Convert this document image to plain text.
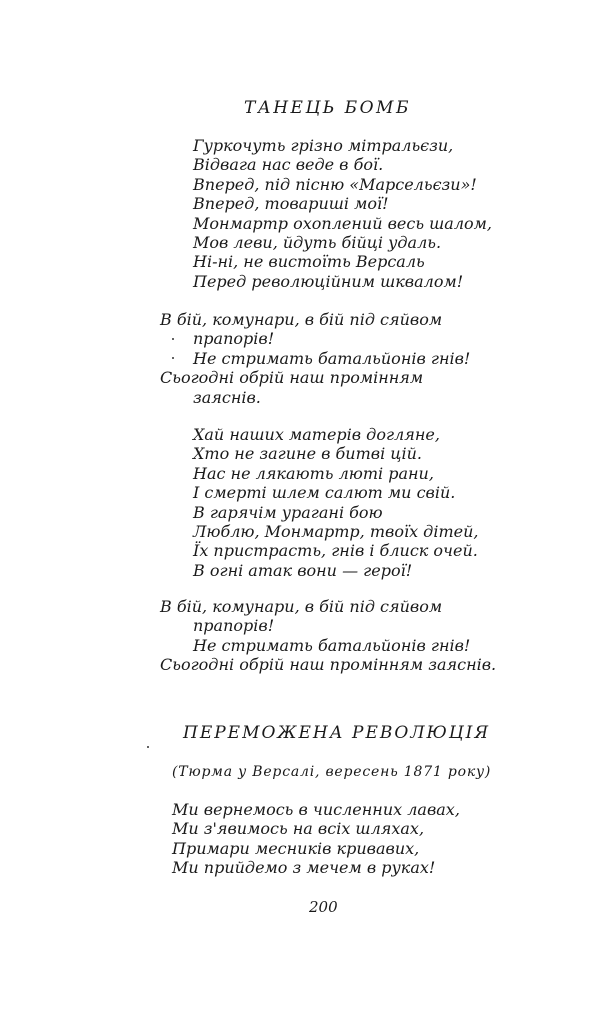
ТАНЕЦЬ БОМБ
Гуркочуть грізно мітральєзи,
Відвага нас веде в бої.
Вперед, під пісню «Марсельєзи»!
Вперед, товариші мої!
Монмартр охоплений весь шалом,
Мов леви, йдуть бійці удаль.
Ні-ні, не вистоїть Версаль
Перед революційним шквалом!
В бій, комунари, в бій під сяйвом
прапорів!
Не стримать батальйонів гнів!
Сьогодні обрій наш промінням
заяснів.
Хай наших матерів догляне,
Хто не загине в битві цій.
Нас не лякають люті рани,
І смерті шлем салют ми свій.
В гарячім урагані бою
Люблю, Монмартр, твоїх дітей,
Їх пристрасть, гнів і блиск очей.
В огні атак вони — герої!
В бій, комунари, в бій під сяйвом
прапорів!
Не стримать батальйонів гнів!
Сьогодні обрій наш промінням заяснів.
ПЕРЕМОЖЕНА РЕВОЛЮЦІЯ
(Тюрма у Версалі, вересень 1871 року)
Ми вернемось в численних лавах,
Ми з'явимось на всіх шляхах,
Примари месників кривавих,
Ми прийдемо з мечем в руках!
200
